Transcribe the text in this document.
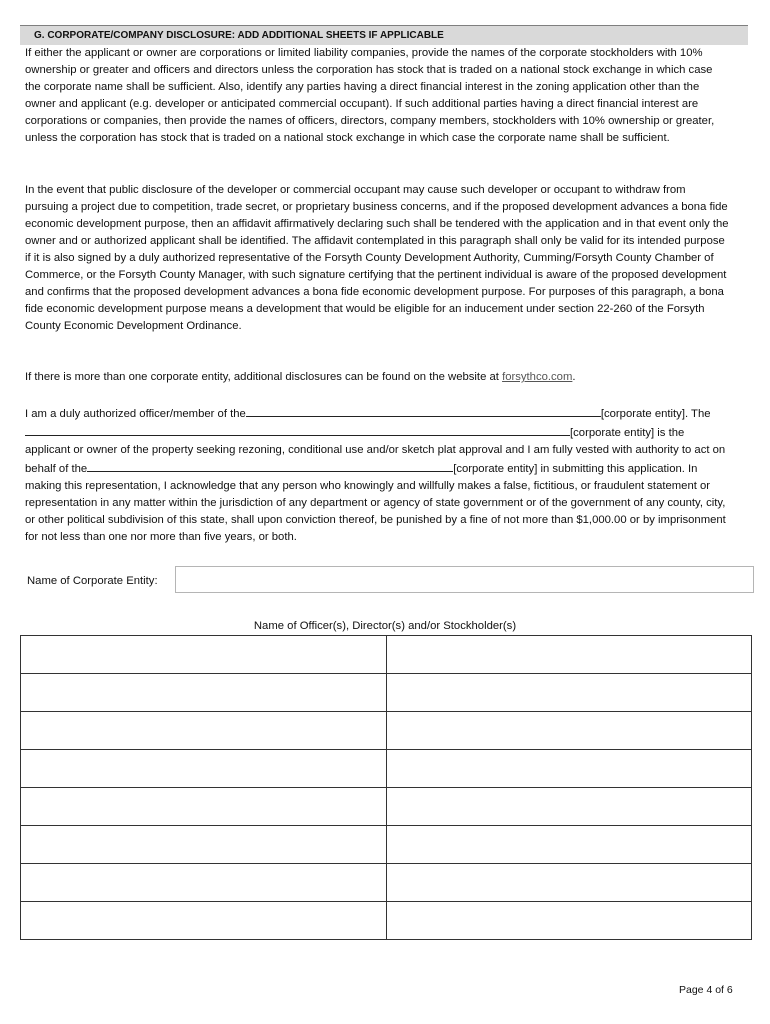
G. CORPORATE/COMPANY DISCLOSURE: ADD ADDITIONAL SHEETS IF APPLICABLE

If either the applicant or owner are corporations or limited liability companies, provide the names of the corporate stockholders with 10% ownership or greater and officers and directors unless the corporation has stock that is traded on a national stock exchange in which case the corporate name shall be sufficient. Also, identify any parties having a direct financial interest in the zoning application other than the owner and applicant (e.g. developer or anticipated commercial occupant). If such additional parties having a direct financial interest are corporations or companies, then provide the names of officers, directors, company members, stockholders with 10% ownership or greater, unless the corporation has stock that is traded on a national stock exchange in which case the corporate name shall be sufficient.

In the event that public disclosure of the developer or commercial occupant may cause such developer or occupant to withdraw from pursuing a project due to competition, trade secret, or proprietary business concerns, and if the proposed development advances a bona fide economic development purpose, then an affidavit affirmatively declaring such shall be tendered with the application and in that event only the owner and or authorized applicant shall be identified. The affidavit contemplated in this paragraph shall only be valid for its intended purpose if it is also signed by a duly authorized representative of the Forsyth County Development Authority, Cumming/Forsyth County Chamber of Commerce, or the Forsyth County Manager, with such signature certifying that the pertinent individual is aware of the proposed development and confirms that the proposed development advances a bona fide economic development purpose. For purposes of this paragraph, a bona fide economic development purpose means a development that would be eligible for an inducement under section 22-260 of the Forsyth County Economic Development Ordinance.

If there is more than one corporate entity, additional disclosures can be found on the website at forsythco.com.

I am a duly authorized officer/member of the	[corporate entity]. The[corporate entity] is the applicant or owner of the property seeking rezoning, conditional use and/or sketch plat approval and I am fully vested with authority to act on behalf of the	[corporate entity] in submitting this application. In making this representation, I acknowledge that any person who knowingly and willfully makes a false, fictitious, or fraudulent statement or representation in any matter within the jurisdiction of any department or agency of state government or of the government of any county, city, or other political subdivision of this state, shall upon conviction thereof, be punished by a fine of not more than $1,000.00 or by imprisonment for not less than one nor more than five years, or both.

Name of Corporate Entity:
Name of Officer(s), Director(s) and/or Stockholder(s)

Page 4 of 6
